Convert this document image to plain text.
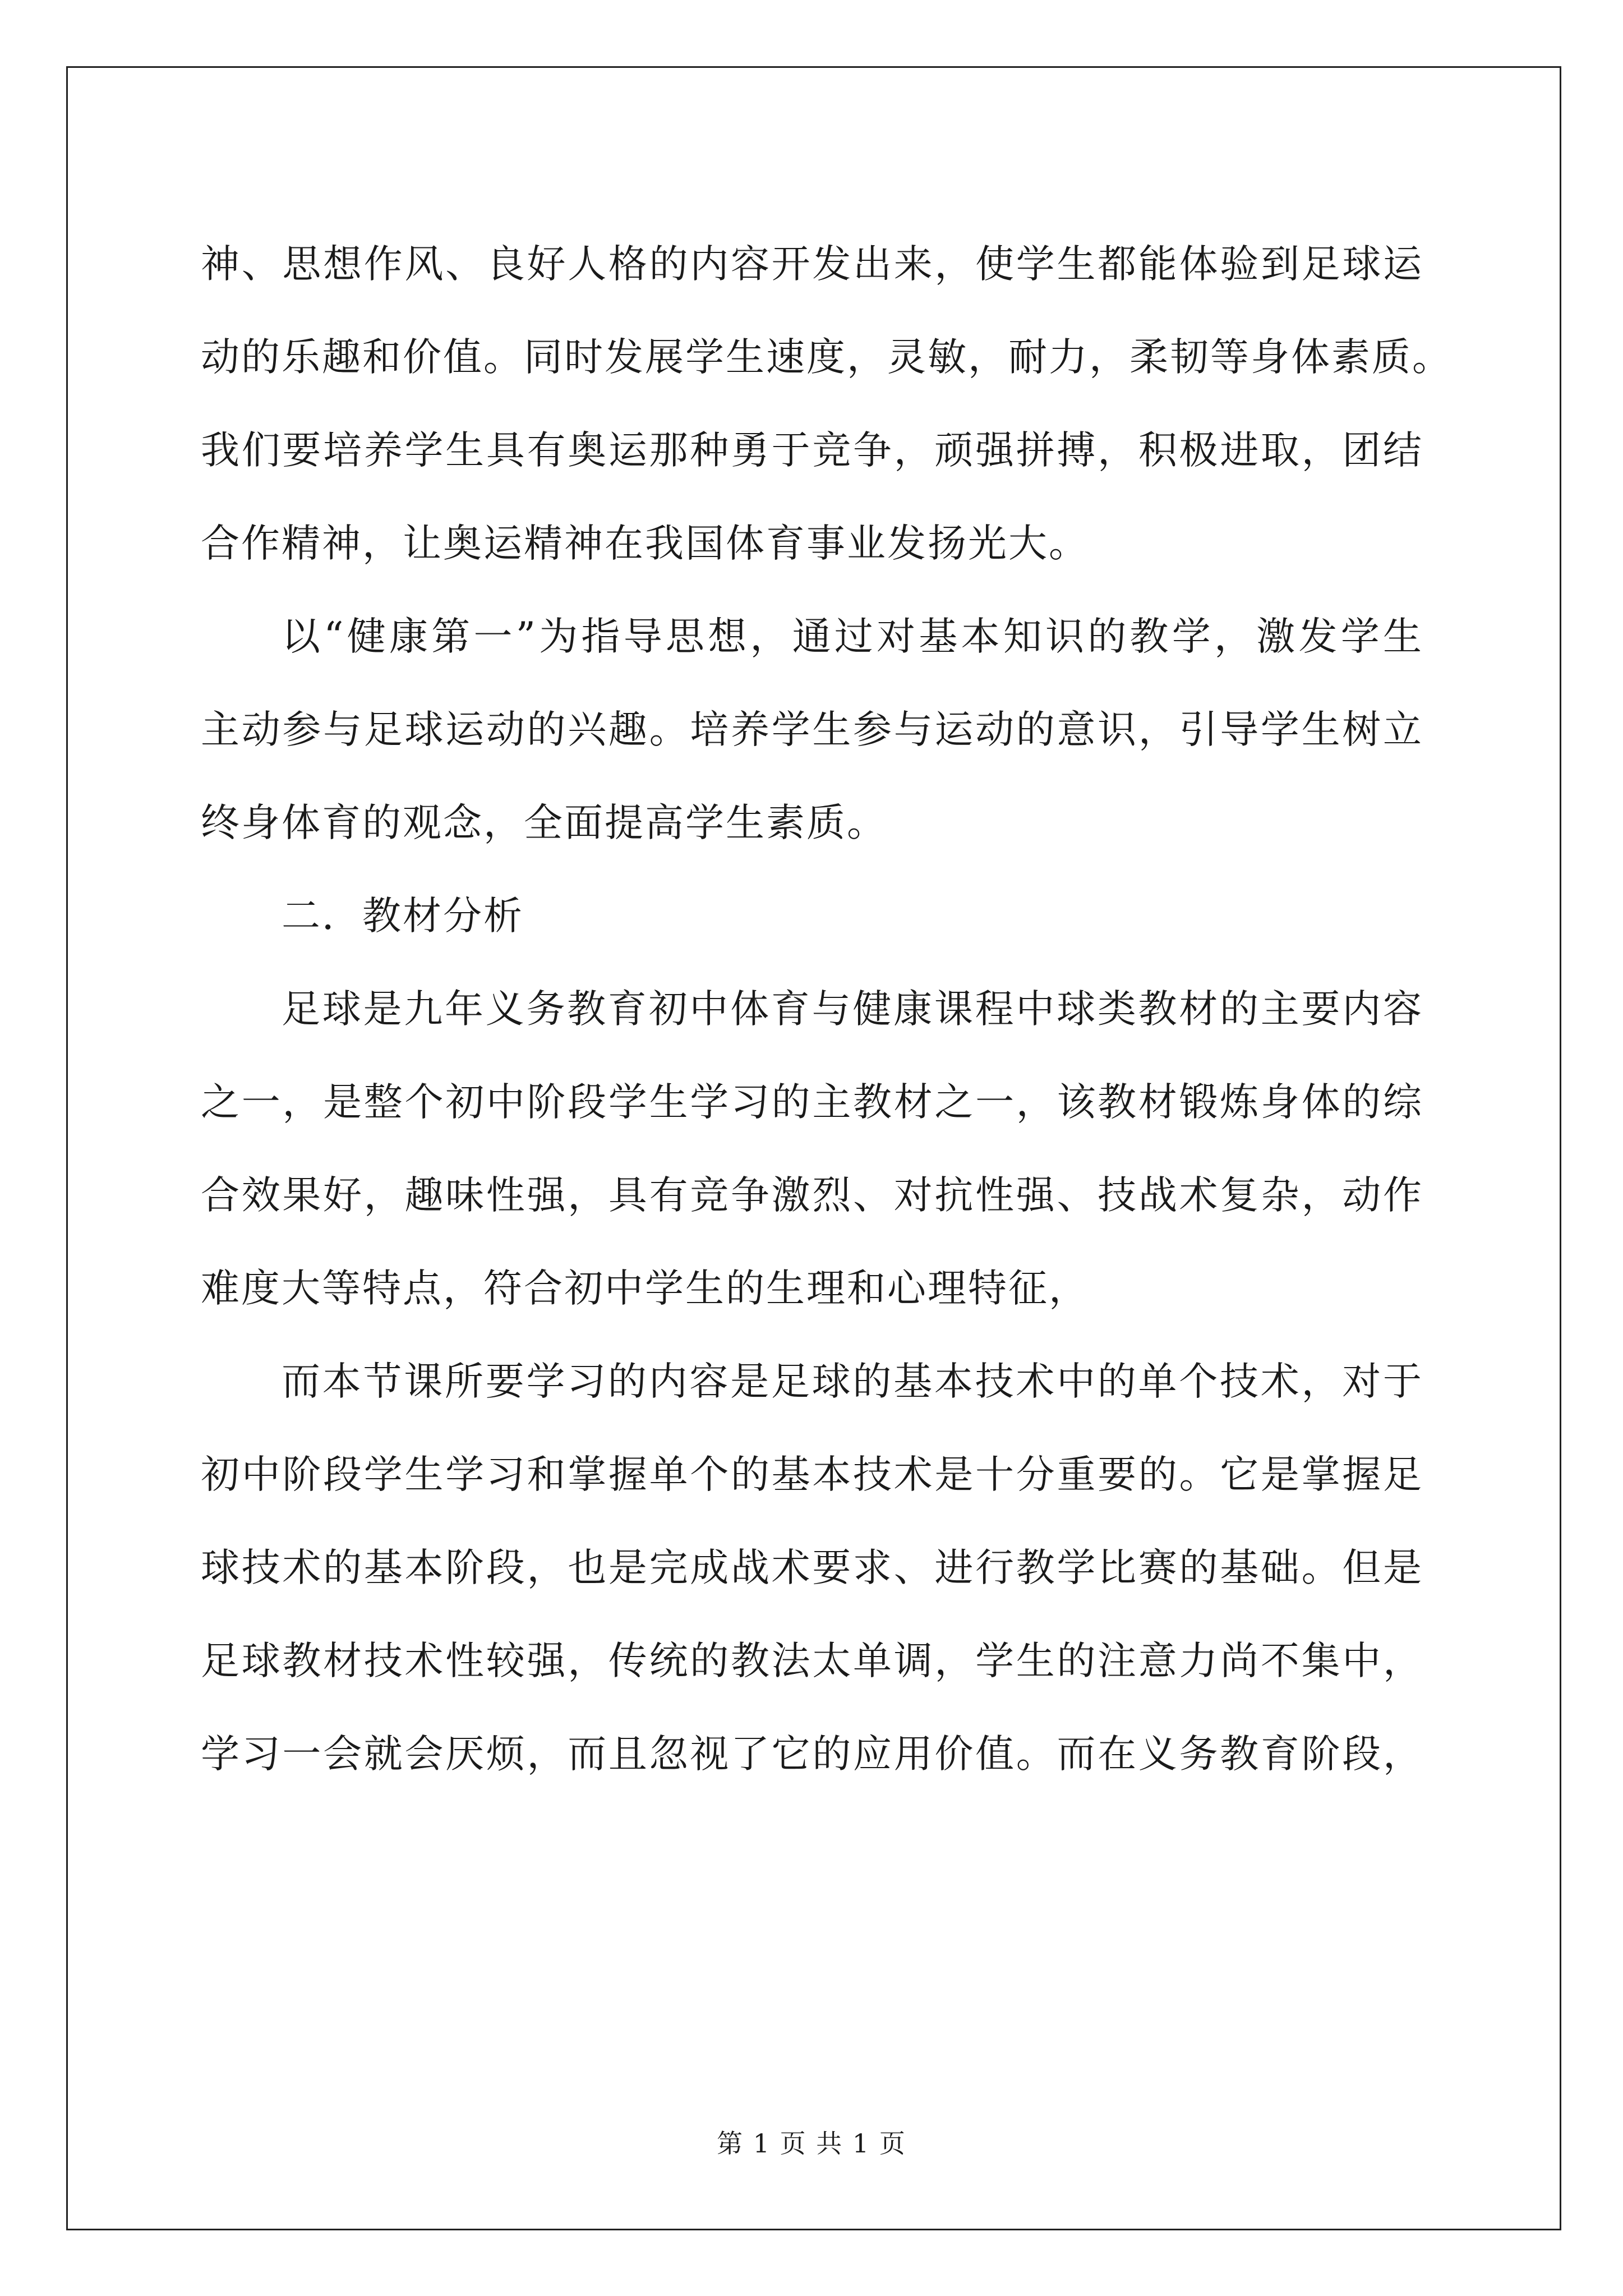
神、思想作风、良好人格的内容开发出来，使学生都能体验到足球运
动的乐趣和价值。同时发展学生速度，灵敏，耐力，柔韧等身体素质。
我们要培养学生具有奥运那种勇于竞争，顽强拼搏，积极进取，团结
合作精神，让奥运精神在我国体育事业发扬光大。
以“健康第一”为指导思想，通过对基本知识的教学，激发学生
主动参与足球运动的兴趣。培养学生参与运动的意识，引导学生树立
终身体育的观念，全面提高学生素质。
二．教材分析
足球是九年义务教育初中体育与健康课程中球类教材的主要内容
之一，是整个初中阶段学生学习的主教材之一，该教材锻炼身体的综
合效果好，趣味性强，具有竞争激烈、对抗性强、技战术复杂，动作
难度大等特点，符合初中学生的生理和心理特征，
而本节课所要学习的内容是足球的基本技术中的单个技术，对于
初中阶段学生学习和掌握单个的基本技术是十分重要的。它是掌握足
球技术的基本阶段，也是完成战术要求、进行教学比赛的基础。但是
足球教材技术性较强，传统的教法太单调，学生的注意力尚不集中，
学习一会就会厌烦，而且忽视了它的应用价值。而在义务教育阶段，
第 1 页 共 1 页
